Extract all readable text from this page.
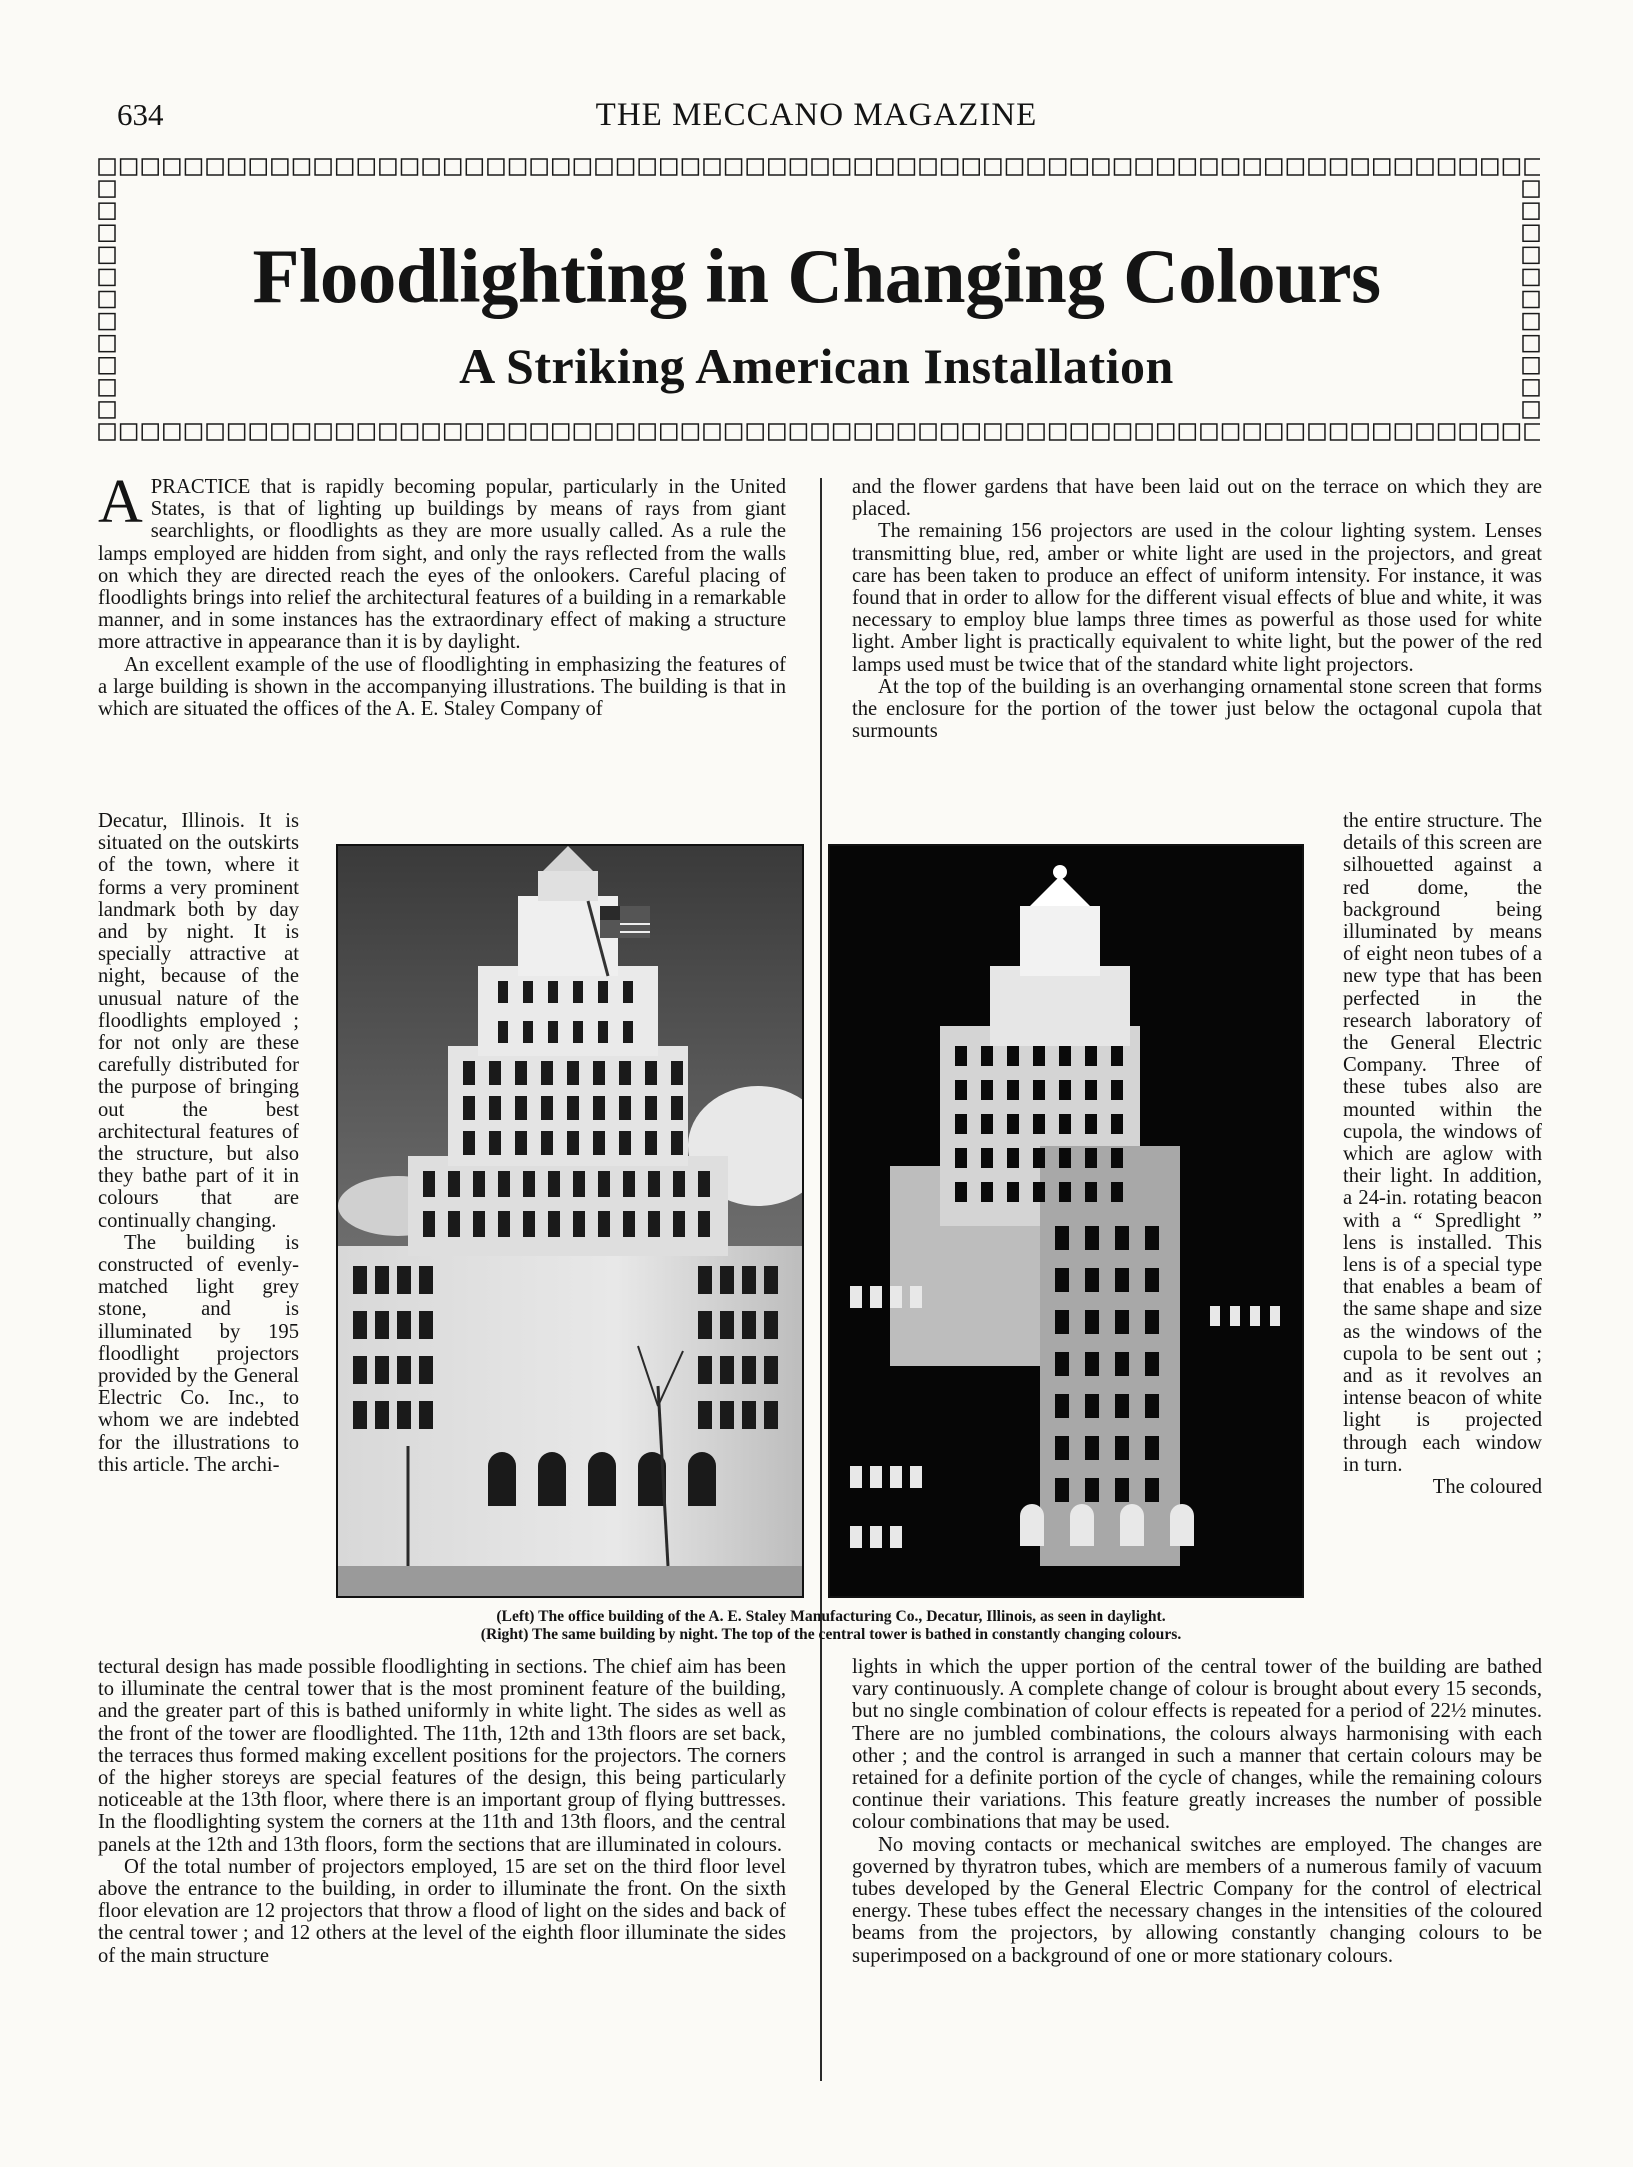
634	THE MECCANO MAGAZINE
Floodlighting in Changing Colours
A Striking American Installation

APRACTICE that is rapidly becoming popular, particularly in the United States, is that of lighting up buildings by means of rays from giant searchlights, or floodlights as they are more usually called. As a rule the lamps employed are hidden from sight, and only the rays reflected from the walls on which they are directed reach the eyes of the onlookers. Careful placing of floodlights brings into relief the architectural features of a building in a remarkable manner, and in some instances has the extraordinary effect of making a structure more attractive in appearance than it is by daylight.

An excellent example of the use of floodlighting in emphasizing the features of a large building is shown in the accompanying illustrations. The building is that in which are situated the offices of the A. E. Staley Company of

Decatur, Illinois. It is situated on the outskirts of the town, where it forms a very prominent landmark both by day and by night. It is specially attractive at night, because of the unusual nature of the floodlights employed ; for not only are these carefully distributed for the purpose of bringing out the best architectural features of the structure, but also they bathe part of it in colours that are continually changing.

The building is constructed of evenly-matched light grey stone, and is illuminated by 195 floodlight projectors provided by the General Electric Co. Inc., to whom we are indebted for the illustrations to this article. The archi-

tectural design has made possible floodlighting in sections. The chief aim has been to illuminate the central tower that is the most prominent feature of the building, and the greater part of this is bathed uniformly in white light. The sides as well as the front of the tower are floodlighted. The 11th, 12th and 13th floors are set back, the terraces thus formed making excellent positions for the projectors. The corners of the higher storeys are special features of the design, this being particularly noticeable at the 13th floor, where there is an important group of flying buttresses. In the floodlighting system the corners at the 11th and 13th floors, and the central panels at the 12th and 13th floors, form the sections that are illuminated in colours.

Of the total number of projectors employed, 15 are set on the third floor level above the entrance to the building, in order to illuminate the front. On the sixth floor elevation are 12 projectors that throw a flood of light on the sides and back of the central tower ; and 12 others at the level of the eighth floor illuminate the sides of the main structure

and the flower gardens that have been laid out on the terrace on which they are placed.

The remaining 156 projectors are used in the colour lighting system. Lenses transmitting blue, red, amber or white light are used in the projectors, and great care has been taken to produce an effect of uniform intensity. For instance, it was found that in order to allow for the different visual effects of blue and white, it was necessary to employ blue lamps three times as powerful as those used for white light. Amber light is practically equivalent to white light, but the power of the red lamps used must be twice that of the standard white light projectors.

At the top of the building is an overhanging ornamental stone screen that forms the enclosure for the portion of the tower just below the octagonal cupola that surmounts

the entire structure. The details of this screen are silhouetted against a red dome, the background being illuminated by means of eight neon tubes of a new type that has been perfected in the research laboratory of the General Electric Company. Three of these tubes also are mounted within the cupola, the windows of which are aglow with their light. In addition, a 24-in. rotating beacon with a “ Spredlight ” lens is installed. This lens is of a special type that enables a beam of the same shape and size as the windows of the cupola to be sent out ; and as it revolves an intense beacon of white light is projected through each window in turn.

The coloured

lights in which the upper portion of the central tower of the building are bathed vary continuously. A complete change of colour is brought about every 15 seconds, but no single combination of colour effects is repeated for a period of 22½ minutes. There are no jumbled combinations, the colours always harmonising with each other ; and the control is arranged in such a manner that certain colours may be retained for a definite portion of the cycle of changes, while the remaining colours continue their variations. This feature greatly increases the number of possible colour combinations that may be used.

No moving contacts or mechanical switches are employed. The changes are governed by thyratron tubes, which are members of a numerous family of vacuum tubes developed by the General Electric Company for the control of electrical energy. These tubes effect the necessary changes in the intensities of the coloured beams from the projectors, by allowing constantly changing colours to be superimposed on a background of one or more stationary colours.

(Left) The office building of the A. E. Staley Manufacturing Co., Decatur, Illinois, as seen in daylight.
(Right) The same building by night. The top of the central tower is bathed in constantly changing colours.
